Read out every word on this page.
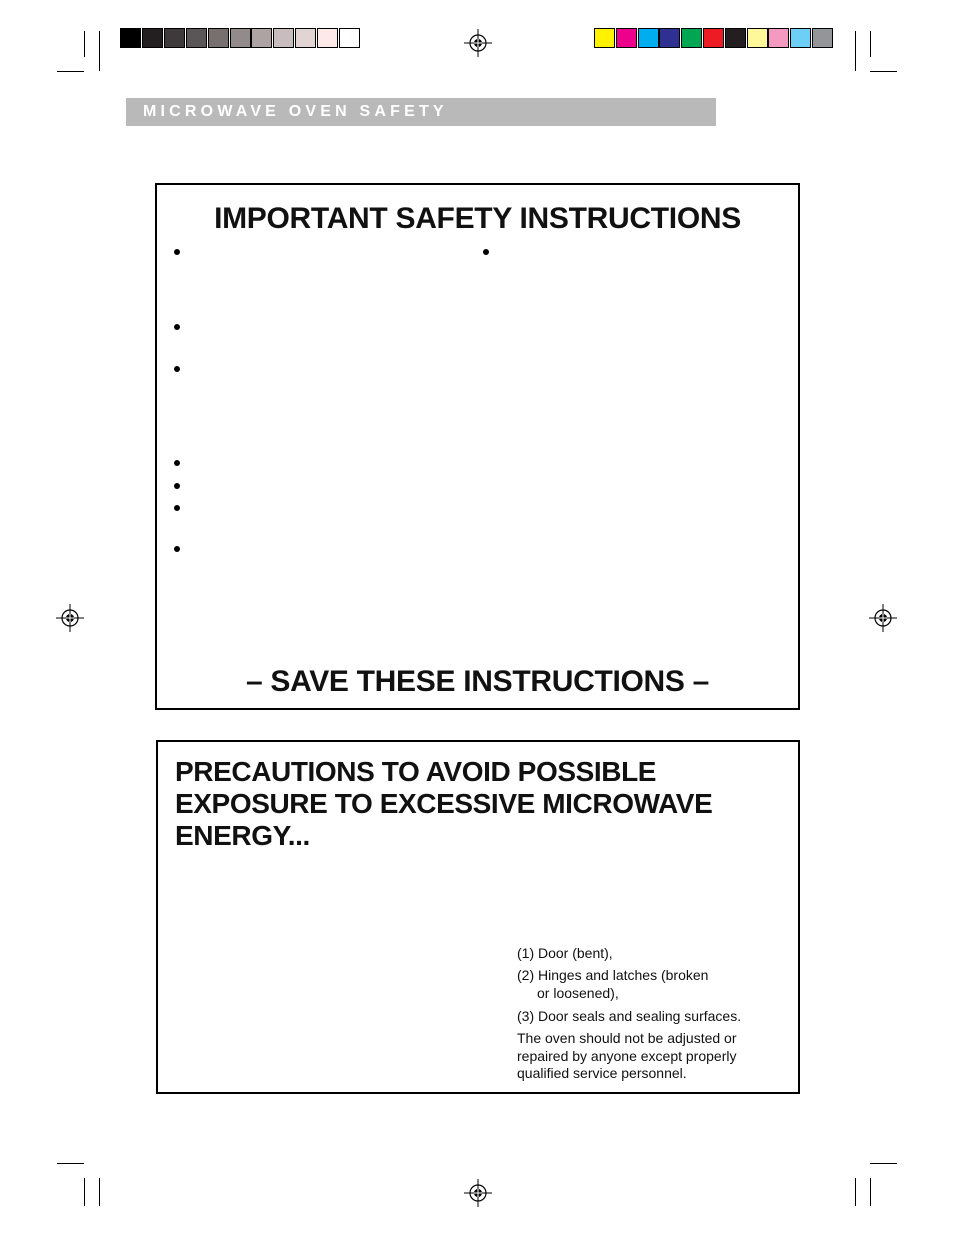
MICROWAVE OVEN SAFETY
IMPORTANT SAFETY INSTRUCTIONS
– SAVE THESE INSTRUCTIONS –
PRECAUTIONS TO AVOID POSSIBLE
EXPOSURE TO EXCESSIVE MICROWAVE
ENERGY...
(1) Door (bent),
(2) Hinges and latches (broken
or loosened),
(3) Door seals and sealing surfaces.
The oven should not be adjusted or
repaired by anyone except properly
qualified service personnel.
